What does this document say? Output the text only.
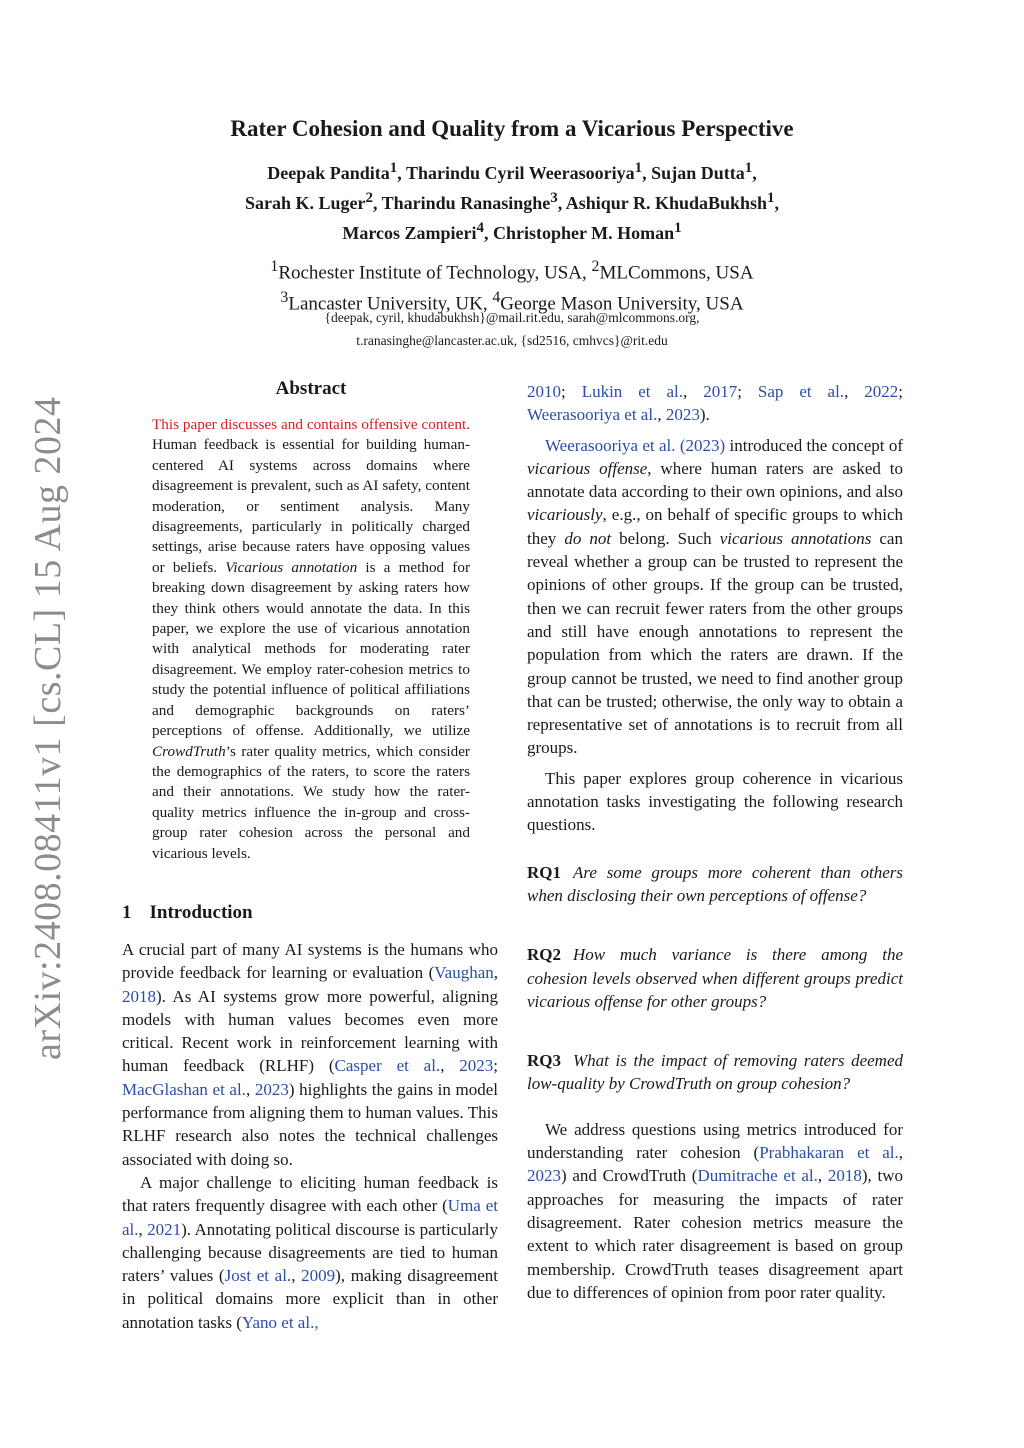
arXiv:2408.08411v1 [cs.CL] 15 Aug 2024
Rater Cohesion and Quality from a Vicarious Perspective
Deepak Pandita$^1$, Tharindu Cyril Weerasooriya$^1$, Sujan Dutta$^1$,
Sarah K. Luger$^2$, Tharindu Ranasinghe$^3$, Ashiqur R. KhudaBukhsh$^1$,
Marcos Zampieri$^4$, Christopher M. Homan$^1$
$^1$Rochester Institute of Technology, USA, $^2$MLCommons, USA
$^3$Lancaster University, UK, $^4$George Mason University, USA
{deepak, cyril, khudabukhsh}@mail.rit.edu, sarah@mlcommons.org,
t.ranasinghe@lancaster.ac.uk, {sd2516, cmhvcs}@rit.edu
Abstract
This paper discusses and contains offensive content. Human feedback is essential for building human-centered AI systems across domains where disagreement is prevalent, such as AI safety, content moderation, or sentiment analysis. Many disagreements, particularly in politically charged settings, arise because raters have opposing values or beliefs. Vicarious annotation is a method for breaking down disagreement by asking raters how they think others would annotate the data. In this paper, we explore the use of vicarious annotation with analytical methods for moderating rater disagreement. We employ rater-cohesion metrics to study the potential influence of political affiliations and demographic backgrounds on raters’ perceptions of offense. Additionally, we utilize CrowdTruth’s rater quality metrics, which consider the demographics of the raters, to score the raters and their annotations. We study how the rater-quality metrics influence the in-group and cross-group rater cohesion across the personal and vicarious levels.
1 Introduction

A crucial part of many AI systems is the humans who provide feedback for learning or evaluation (Vaughan, 2018). As AI systems grow more powerful, aligning models with human values becomes even more critical. Recent work in reinforcement learning with human feedback (RLHF) (Casper et al., 2023; MacGlashan et al., 2023) highlights the gains in model performance from aligning them to human values. This RLHF research also notes the technical challenges associated with doing so.

A major challenge to eliciting human feedback is that raters frequently disagree with each other (Uma et al., 2021). Annotating political discourse is particularly challenging because disagreements are tied to human raters’ values (Jost et al., 2009), making disagreement in political domains more explicit than in other annotation tasks (Yano et al.,

2010; Lukin et al., 2017; Sap et al., 2022; Weerasooriya et al., 2023).

Weerasooriya et al. (2023) introduced the concept of vicarious offense, where human raters are asked to annotate data according to their own opinions, and also vicariously, e.g., on behalf of specific groups to which they do not belong. Such vicarious annotations can reveal whether a group can be trusted to represent the opinions of other groups. If the group can be trusted, then we can recruit fewer raters from the other groups and still have enough annotations to represent the population from which the raters are drawn. If the group cannot be trusted, we need to find another group that can be trusted; otherwise, the only way to obtain a representative set of annotations is to recruit from all groups.

This paper explores group coherence in vicarious annotation tasks investigating the following research questions.

RQ1 Are some groups more coherent than others when disclosing their own perceptions of offense?

RQ2 How much variance is there among the cohesion levels observed when different groups predict vicarious offense for other groups?

RQ3 What is the impact of removing raters deemed low-quality by CrowdTruth on group cohesion?

We address questions using metrics introduced for understanding rater cohesion (Prabhakaran et al., 2023) and CrowdTruth (Dumitrache et al., 2018), two approaches for measuring the impacts of rater disagreement. Rater cohesion metrics measure the extent to which rater disagreement is based on group membership. CrowdTruth teases disagreement apart due to differences of opinion from poor rater quality.
